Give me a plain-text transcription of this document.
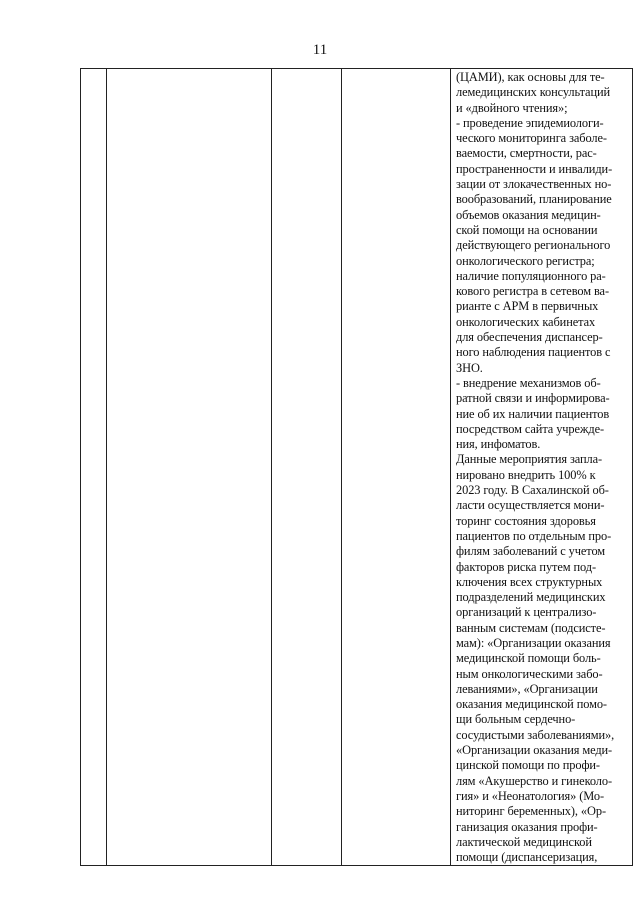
11

(ЦАМИ), как основы для те-
лемедицинских консультаций
и «двойного чтения»;
- проведение эпидемиологи-
ческого мониторинга заболе-
ваемости, смертности, рас-
пространенности и инвалиди-
зации от злокачественных но-
вообразований, планирование
объемов оказания медицин-
ской помощи на основании
действующего регионального
онкологического регистра;
наличие популяционного ра-
кового регистра в сетевом ва-
рианте с АРМ в первичных
онкологических кабинетах
для обеспечения диспансер-
ного наблюдения пациентов с
ЗНО.
- внедрение механизмов об-
ратной связи и информирова-
ние об их наличии пациентов
посредством сайта учрежде-
ния, инфоматов.
Данные мероприятия запла-
нировано внедрить 100% к
2023 году. В Сахалинской об-
ласти осуществляется мони-
торинг состояния здоровья
пациентов по отдельным про-
филям заболеваний с учетом
факторов риска путем под-
ключения всех структурных
подразделений медицинских
организаций к централизо-
ванным системам (подсисте-
мам): «Организации оказания
медицинской помощи боль-
ным онкологическими забо-
леваниями», «Организации
оказания медицинской помо-
щи больным сердечно-
сосудистыми заболеваниями»,
«Организации оказания меди-
цинской помощи по профи-
лям «Акушерство и гинеколо-
гия» и «Неонатология» (Мо-
ниторинг беременных), «Ор-
ганизация оказания профи-
лактической медицинской
помощи (диспансеризация,
